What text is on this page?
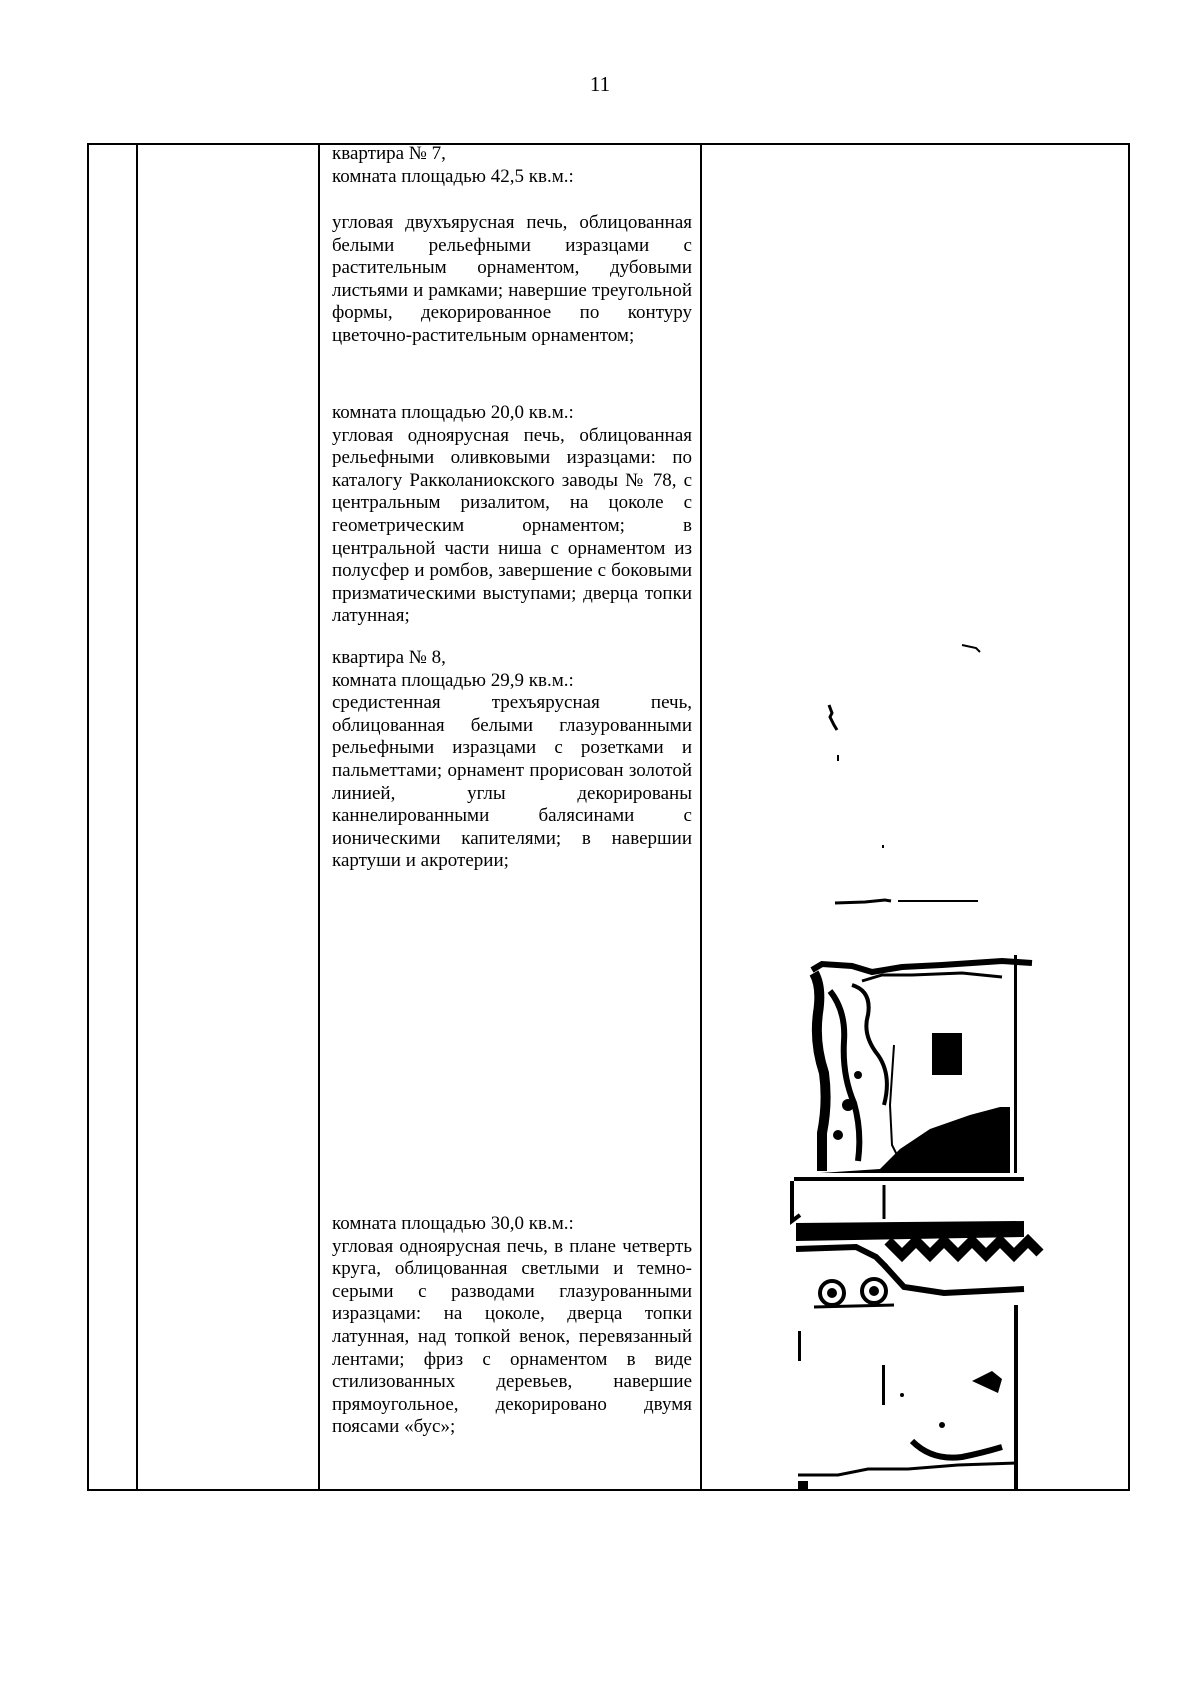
11

квартира № 7,

комната площадью 42,5 кв.м.:

угловая двухъярусная печь, облицованная белыми рельефными изразцами с растительным орнаментом, дубовыми листьями и рамками; навершие треугольной формы, декорированное по контуру цветочно-растительным орнаментом;

комната площадью 20,0 кв.м.:

угловая одноярусная печь, облицованная рельефными оливковыми изразцами: по каталогу Ракколаниокского заводы № 78, с центральным ризалитом, на цоколе с геометрическим орнаментом; в центральной части ниша с орнаментом из полусфер и ромбов, завершение с боковыми призматическими выступами; дверца топки латунная;

квартира № 8,

комната площадью 29,9 кв.м.:

средистенная трехъярусная печь, облицованная белыми глазурованными рельефными изразцами с розетками и пальметтами; орнамент прорисован золотой линией, углы декорированы каннелированными балясинами с ионическими капителями; в навершии картуши и акротерии;

комната площадью 30,0 кв.м.:

угловая одноярусная печь, в плане четверть круга, облицованная светлыми и темно-серыми с разводами глазурованными изразцами: на цоколе, дверца топки латунная, над топкой венок, перевязанный лентами; фриз с орнаментом в виде стилизованных деревьев, навершие прямоугольное, декорировано двумя поясами «бус»;
